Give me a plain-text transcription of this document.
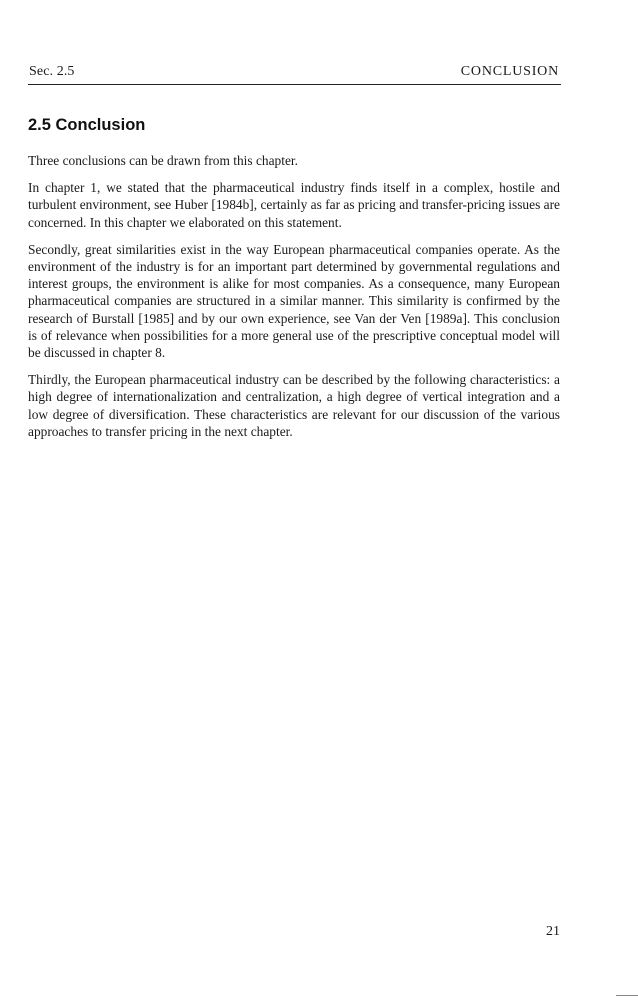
Sec. 2.5	CONCLUSION
2.5 Conclusion

Three conclusions can be drawn from this chapter.

In chapter 1, we stated that the pharmaceutical industry finds itself in a complex, hostile and turbulent environment, see Huber [1984b], certainly as far as pricing and transfer-pricing issues are concerned. In this chapter we elaborated on this statement.

Secondly, great similarities exist in the way European pharmaceutical companies operate. As the environment of the industry is for an important part determined by governmental regulations and interest groups, the environment is alike for most companies. As a consequence, many European pharmaceutical companies are structured in a similar manner. This similarity is confirmed by the research of Burstall [1985] and by our own experience, see Van der Ven [1989a]. This conclusion is of relevance when possibilities for a more general use of the prescriptive conceptual model will be discussed in chapter 8.

Thirdly, the European pharmaceutical industry can be described by the following characteristics: a high degree of internationalization and centralization, a high degree of vertical integration and a low degree of diversification. These characteristics are relevant for our discussion of the various approaches to transfer pricing in the next chapter.

21
